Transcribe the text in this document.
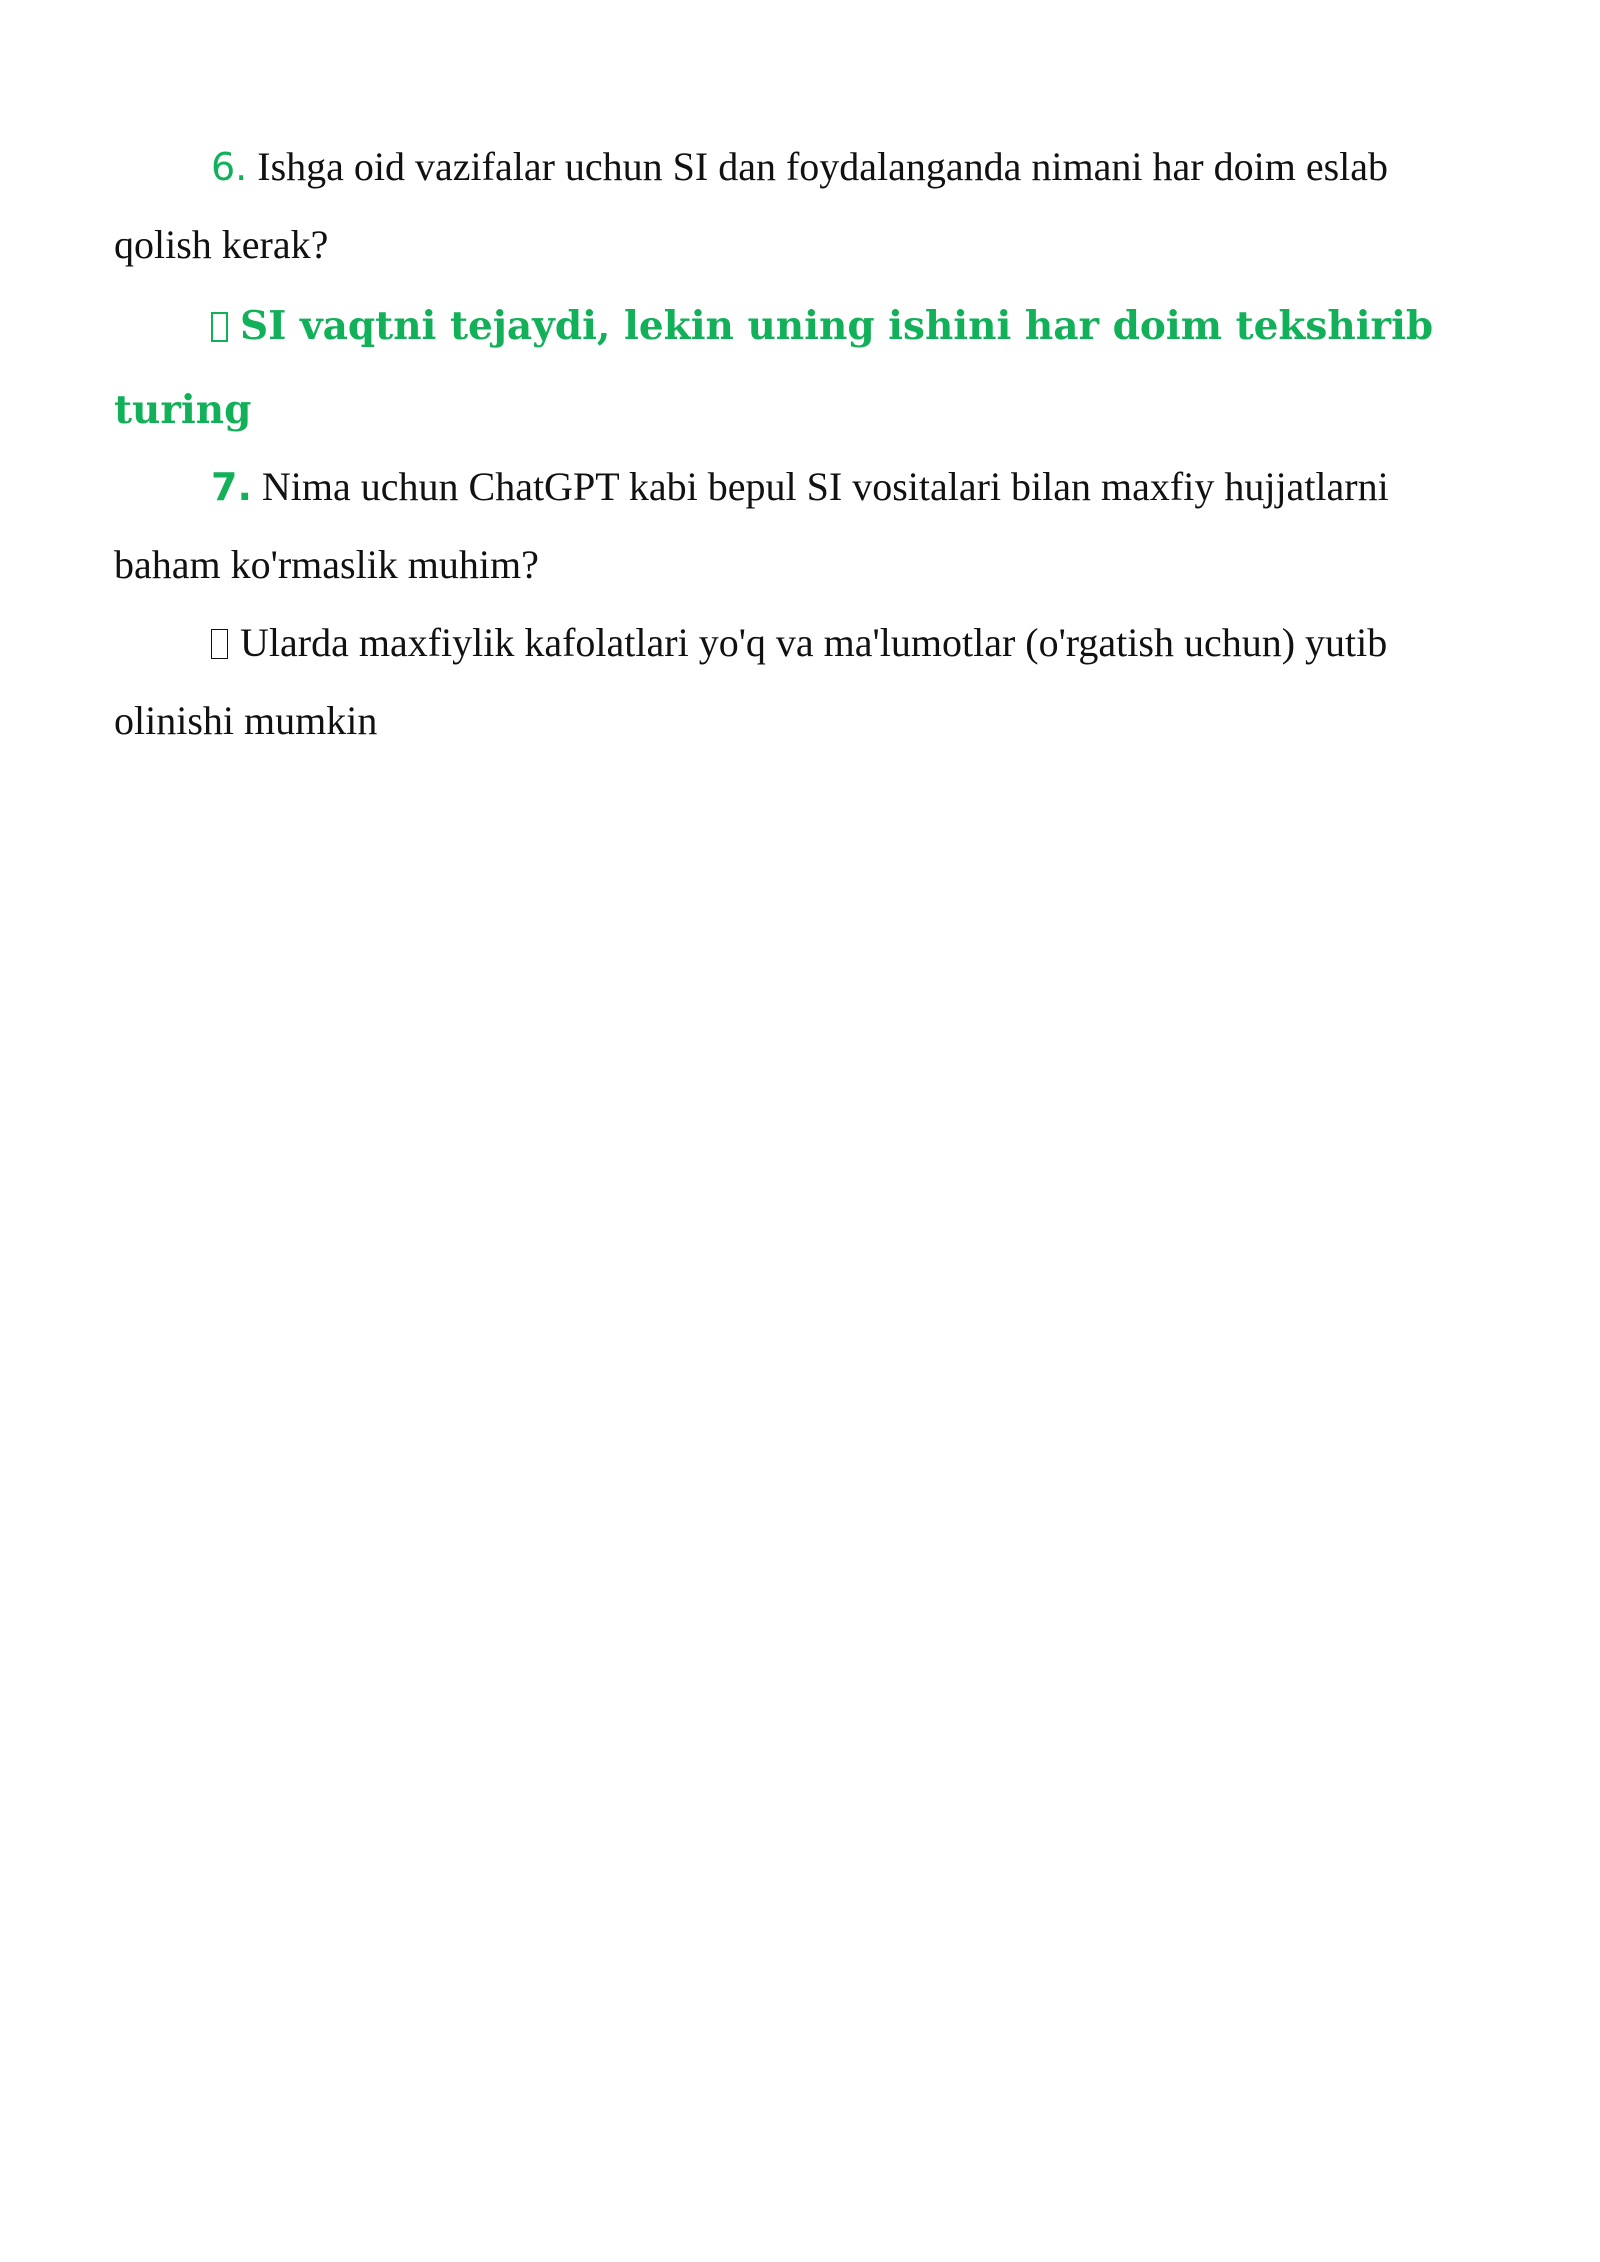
6. Ishga oid vazifalar uchun SI dan foydalanganda nimani har doim eslab qolish kerak?

SI vaqtni tejaydi, lekin uning ishini har doim tekshirib turing

7. Nima uchun ChatGPT kabi bepul SI vositalari bilan maxfiy hujjatlarni baham ko'rmaslik muhim?

Ularda maxfiylik kafolatlari yo'q va ma'lumotlar (o'rgatish uchun) yutib olinishi mumkin
